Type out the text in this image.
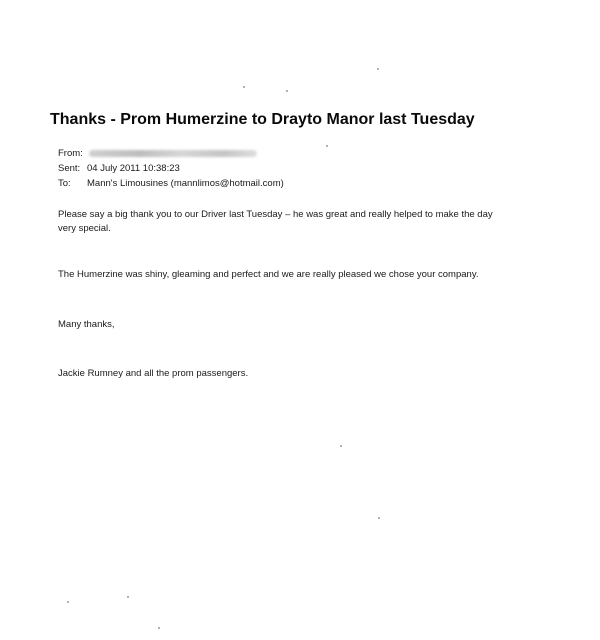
Thanks - Prom Humerzine to Drayto Manor last Tuesday
From:
Sent: 04 July 2011 10:38:23
To:	Mann's Limousines (mannlimos@hotmail.com)
Please say a big thank you to our Driver last Tuesday – he was great and really helped to make the day very special.
The Humerzine was shiny, gleaming and perfect and we are really pleased we chose your company.
Many thanks,
Jackie Rumney and all the prom passengers.
